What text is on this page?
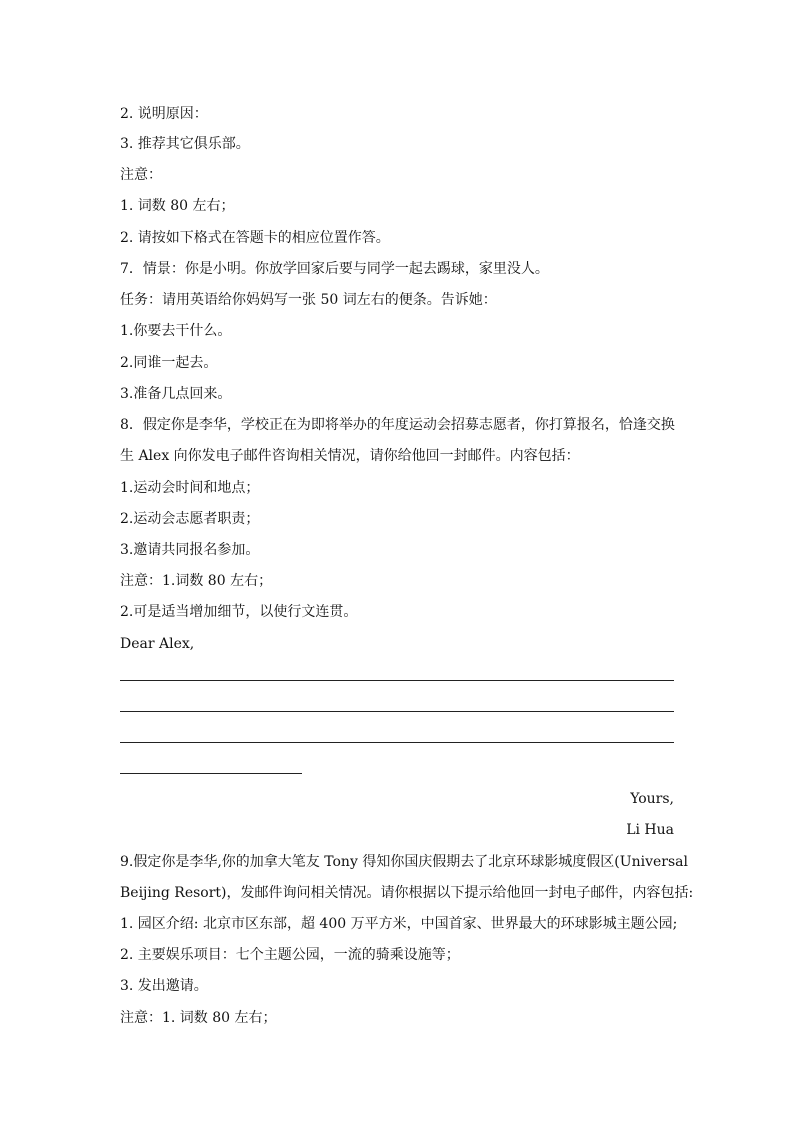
2. 说明原因：
3. 推荐其它俱乐部。
注意：
1. 词数 80 左右；
2. 请按如下格式在答题卡的相应位置作答。
7．情景：你是小明。你放学回家后要与同学一起去踢球，家里没人。
任务：请用英语给你妈妈写一张 50 词左右的便条。告诉她：
1.你要去干什么。
2.同谁一起去。
3.准备几点回来。
8．假定你是李华，学校正在为即将举办的年度运动会招募志愿者，你打算报名，恰逢交换
生 Alex 向你发电子邮件咨询相关情况，请你给他回一封邮件。内容包括：
1.运动会时间和地点；
2.运动会志愿者职责；
3.邀请共同报名参加。
注意：1.词数 80 左右；
2.可是适当增加细节，以使行文连贯。
Dear Alex,
Yours,
Li Hua
9.假定你是李华,你的加拿大笔友 Tony 得知你国庆假期去了北京环球影城度假区(Universal
Beijing Resort)，发邮件询问相关情况。请你根据以下提示给他回一封电子邮件，内容包括:
1. 园区介绍: 北京市区东部，超 400 万平方米，中国首家、世界最大的环球影城主题公园;
2. 主要娱乐项目：七个主题公园，一流的骑乘设施等；
3. 发出邀请。
注意：1. 词数 80 左右；
